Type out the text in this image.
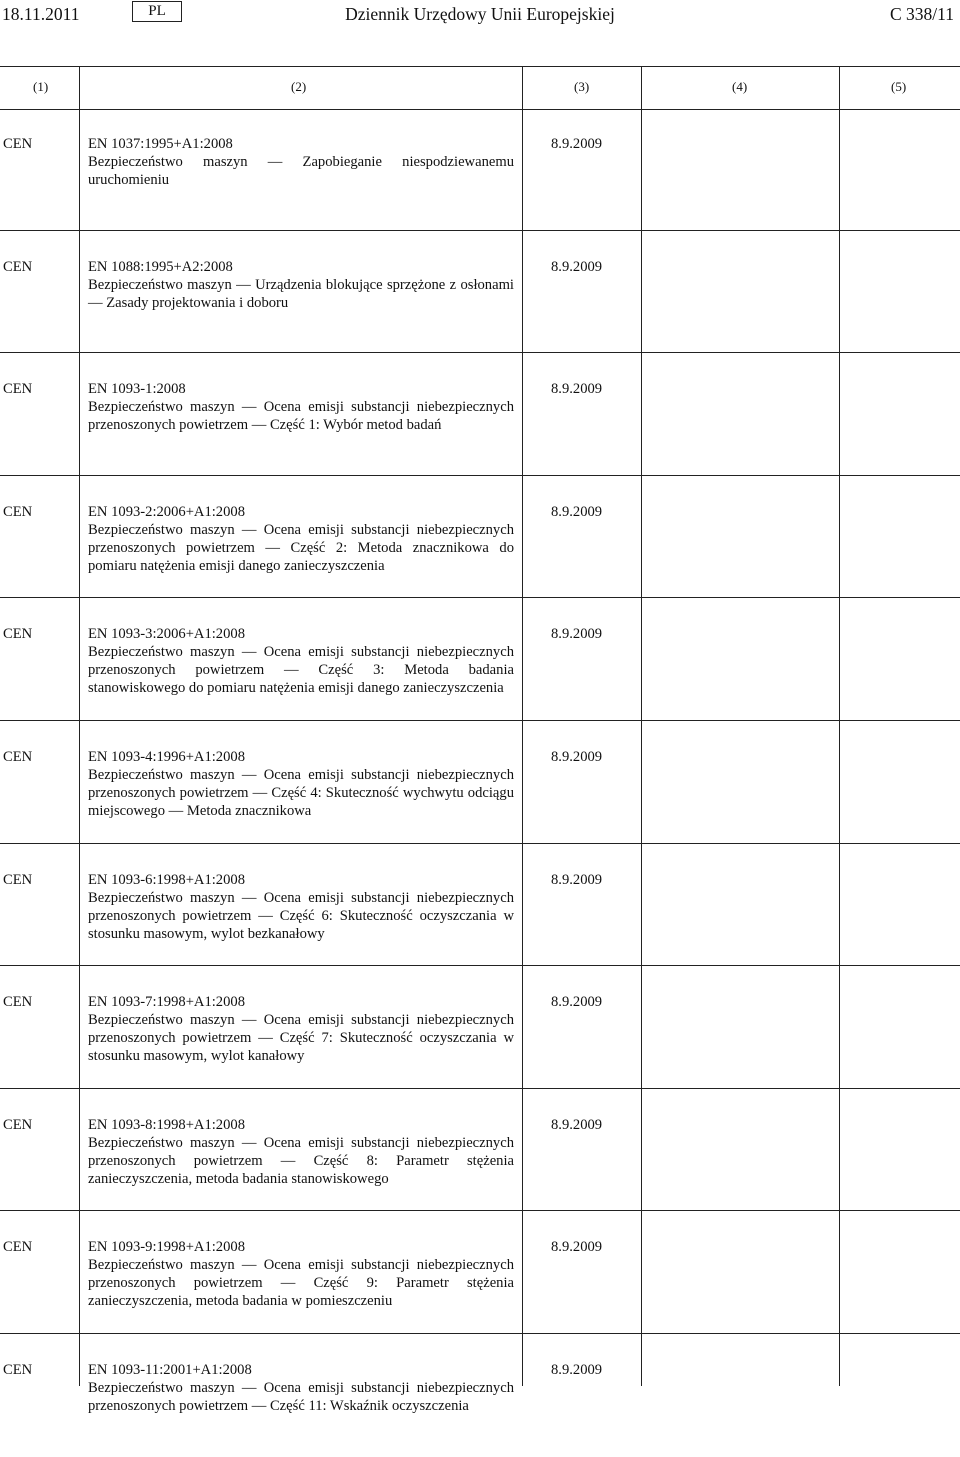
18.11.2011	PL	Dziennik Urzędowy Unii Europejskiej	C 338/11
(1)	(2)	(3)	(4)	(5)
CEN	EN 1037:1995+A1:2008
Bezpieczeństwo maszyn — Zapobieganie niespodziewanemu uruchomieniu
8.9.2009
CEN	EN 1088:1995+A2:2008
Bezpieczeństwo maszyn — Urządzenia blokujące sprzężone z osłonami — Zasady projektowania i doboru
8.9.2009
CEN	EN 1093-1:2008
Bezpieczeństwo maszyn — Ocena emisji substancji niebezpiecznych przenoszonych powietrzem — Część 1: Wybór metod badań
8.9.2009
CEN	EN 1093-2:2006+A1:2008
Bezpieczeństwo maszyn — Ocena emisji substancji niebezpiecznych przenoszonych powietrzem — Część 2: Metoda znacznikowa do pomiaru natężenia emisji danego zanieczyszczenia
8.9.2009
CEN	EN 1093-3:2006+A1:2008
Bezpieczeństwo maszyn — Ocena emisji substancji niebezpiecznych przenoszonych powietrzem — Część 3: Metoda badania stanowiskowego do pomiaru natężenia emisji danego zanieczyszczenia
8.9.2009
CEN	EN 1093-4:1996+A1:2008
Bezpieczeństwo maszyn — Ocena emisji substancji niebezpiecznych przenoszonych powietrzem — Część 4: Skuteczność wychwytu odciągu miejscowego — Metoda znacznikowa
8.9.2009
CEN	EN 1093-6:1998+A1:2008
Bezpieczeństwo maszyn — Ocena emisji substancji niebezpiecznych przenoszonych powietrzem — Część 6: Skuteczność oczyszczania w stosunku masowym, wylot bezkanałowy
8.9.2009
CEN	EN 1093-7:1998+A1:2008
Bezpieczeństwo maszyn — Ocena emisji substancji niebezpiecznych przenoszonych powietrzem — Część 7: Skuteczność oczyszczania w stosunku masowym, wylot kanałowy
8.9.2009
CEN	EN 1093-8:1998+A1:2008
Bezpieczeństwo maszyn — Ocena emisji substancji niebezpiecznych przenoszonych powietrzem — Część 8: Parametr stężenia zanieczyszczenia, metoda badania stanowiskowego
8.9.2009
CEN	EN 1093-9:1998+A1:2008
Bezpieczeństwo maszyn — Ocena emisji substancji niebezpiecznych przenoszonych powietrzem — Część 9: Parametr stężenia zanieczyszczenia, metoda badania w pomieszczeniu
8.9.2009
CEN	EN 1093-11:2001+A1:2008
Bezpieczeństwo maszyn — Ocena emisji substancji niebezpiecznych przenoszonych powietrzem — Część 11: Wskaźnik oczyszczenia
8.9.2009
